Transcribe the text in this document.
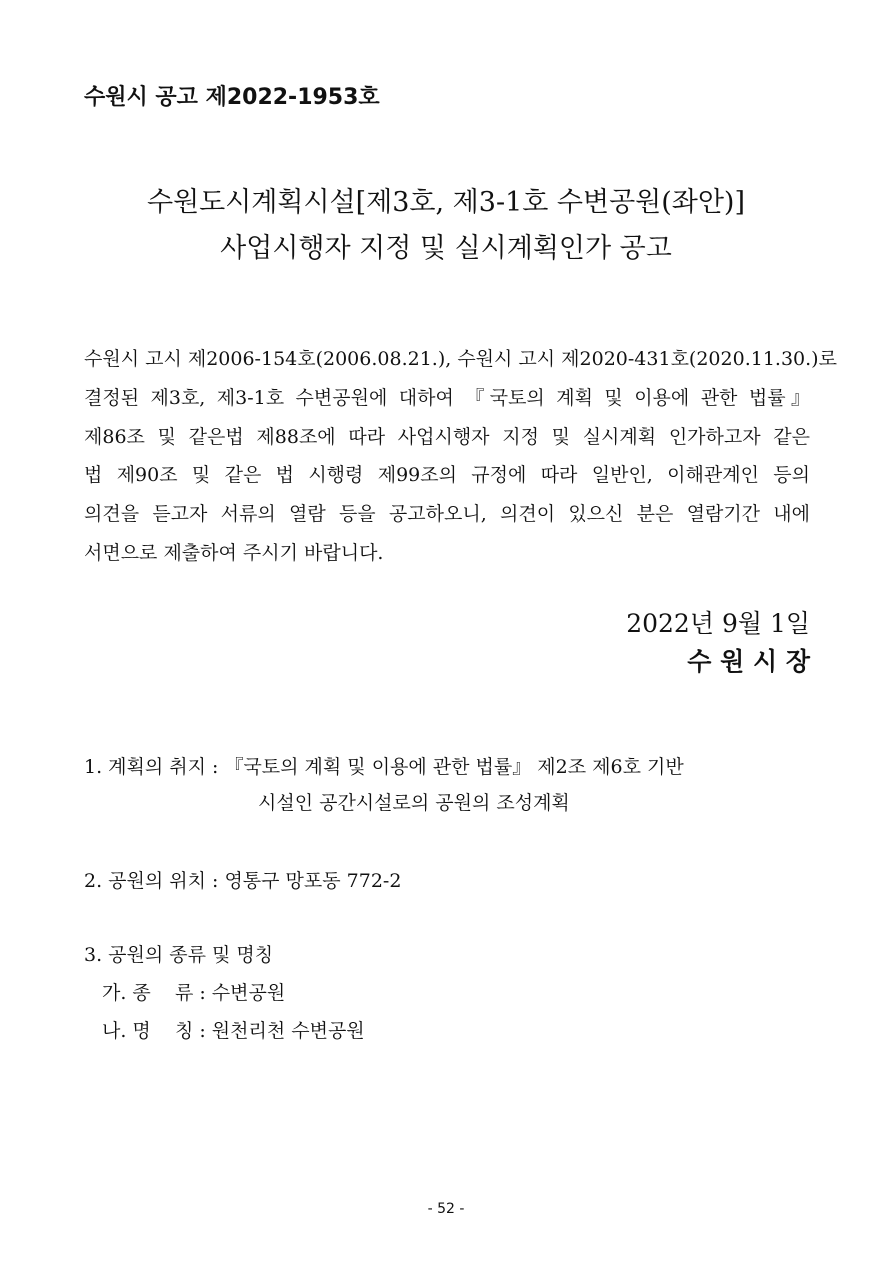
수원시 공고 제2022-1953호
수원도시계획시설[제3호, 제3-1호 수변공원(좌안)]
사업시행자 지정 및 실시계획인가 공고
수원시 고시 제2006-154호(2006.08.21.), 수원시 고시 제2020-431호(2020.11.30.)로
결정된 제3호, 제3-1호 수변공원에 대하여 『국토의 계획 및 이용에 관한 법률』
제86조 및 같은법 제88조에 따라 사업시행자 지정 및 실시계획 인가하고자 같은
법 제90조 및 같은 법 시행령 제99조의 규정에 따라 일반인, 이해관계인 등의
의견을 듣고자 서류의 열람 등을 공고하오니, 의견이 있으신 분은 열람기간 내에
서면으로 제출하여 주시기 바랍니다.
2022년 9월 1일
수 원 시 장
1. 계획의 취지 : 『국토의 계획 및 이용에 관한 법률』 제2조 제6호 기반
시설인 공간시설로의 공원의 조성계획
2. 공원의 위치 : 영통구 망포동 772-2
3. 공원의 종류 및 명칭
가. 종    류 : 수변공원
나. 명    칭 : 원천리천 수변공원
- 52 -
